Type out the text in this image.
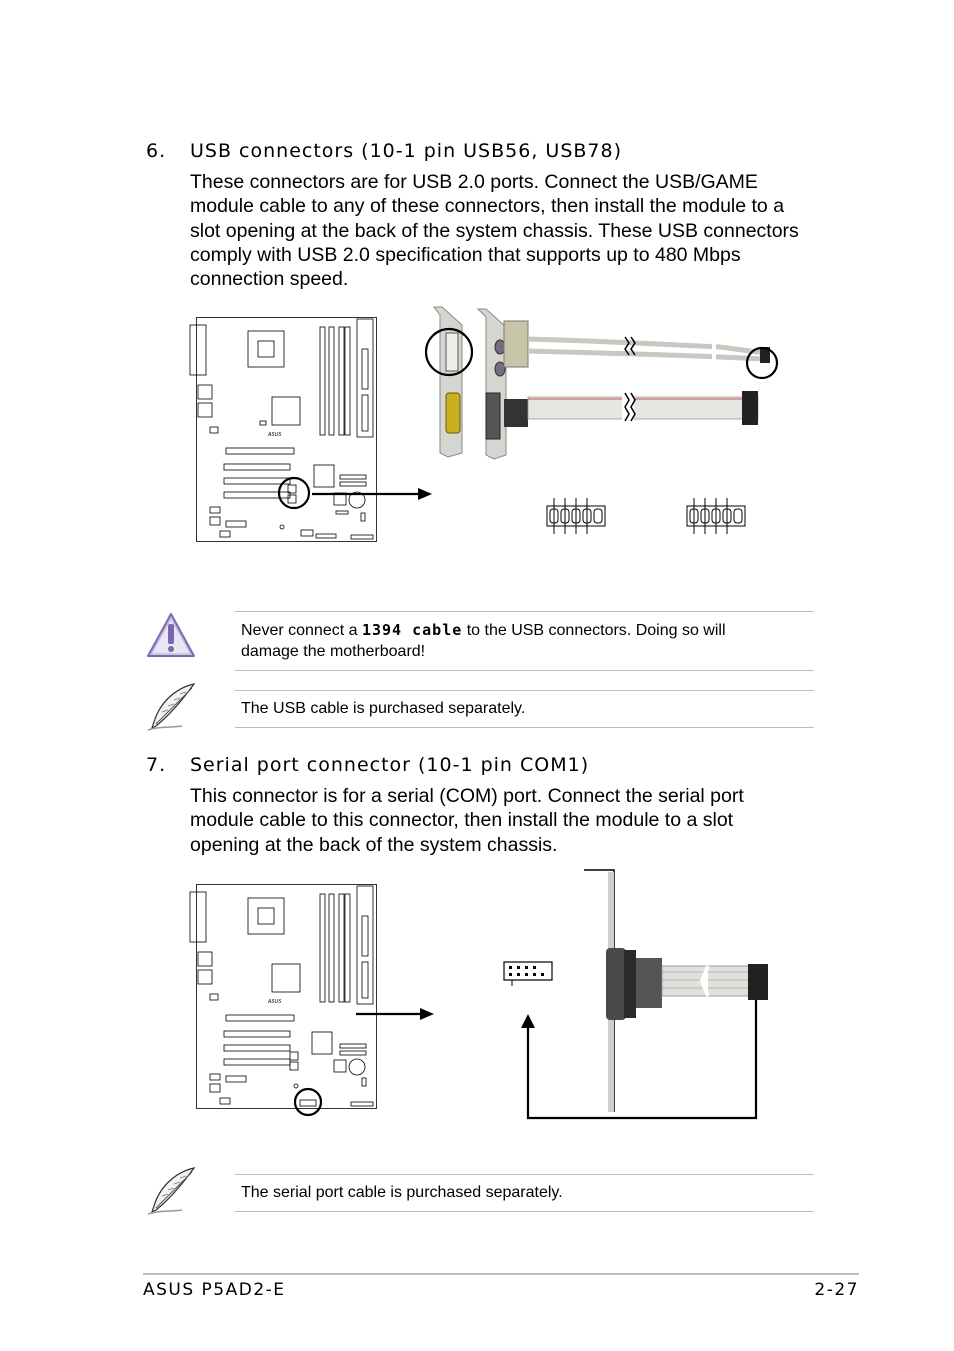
6. USB connectors (10-1 pin USB56, USB78)

These connectors are for USB 2.0 ports. Connect the USB/GAME

module cable to any of these connectors, then install the module to a

slot opening at the back of the system chassis. These USB connectors

comply with USB 2.0 specification that supports up to 480 Mbps

connection speed.

ASUS
Never connect a 1394 cable to the USB connectors. Doing so will
damage the motherboard!
The USB cable is purchased separately.
7. Serial port connector (10-1 pin COM1)

This connector is for a serial (COM) port. Connect the serial port

module cable to this connector, then install the module to a slot

opening at the back of the system chassis.

ASUS
The serial port cable is purchased separately.
ASUS P5AD2-E	2-27
